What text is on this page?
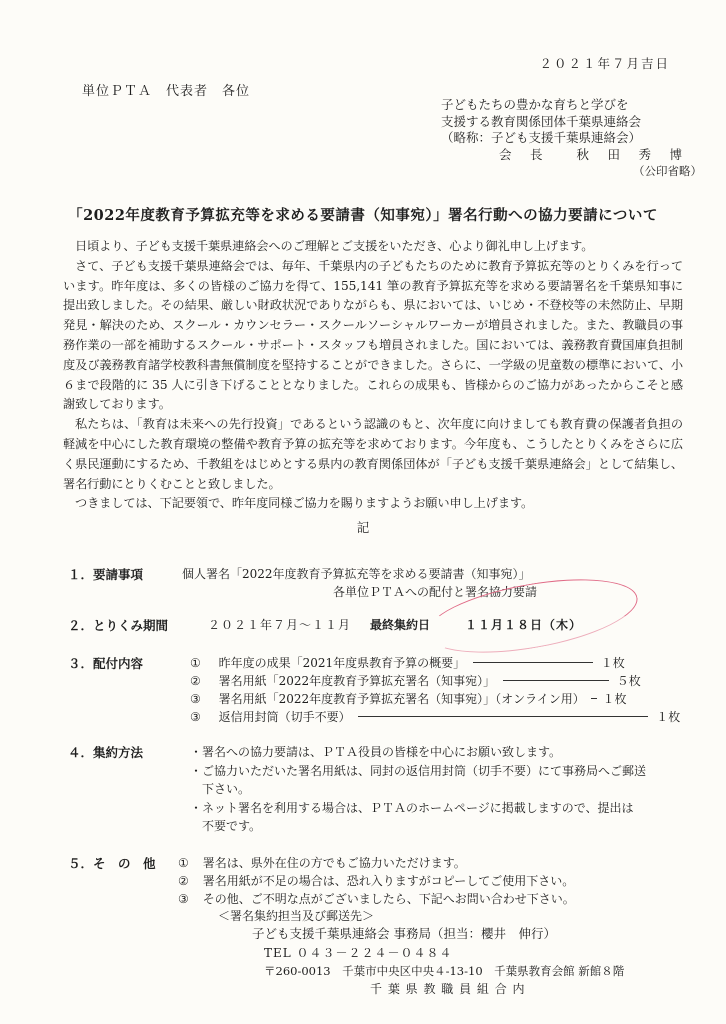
２０２１年７月吉日
単位ＰＴＡ　代表者　各位
子どもたちの豊かな育ちと学びを
支援する教育関係団体千葉県連絡会
（略称：子ども支援千葉県連絡会）
会　長　　秋　田　秀　博
（公印省略）
「2022年度教育予算拡充等を求める要請書（知事宛）」署名行動への協力要請について

日頃より、子ども支援千葉県連絡会へのご理解とご支援をいただき、心より御礼申し上げます。

さて、子ども支援千葉県連絡会では、毎年、千葉県内の子どもたちのために教育予算拡充等のとりくみを行っています。昨年度は、多くの皆様のご協力を得て、155,141 筆の教育予算拡充等を求める要請署名を千葉県知事に提出致しました。その結果、厳しい財政状況でありながらも、県においては、いじめ・不登校等の未然防止、早期発見・解決のため、スクール・カウンセラー・スクールソーシャルワーカーが増員されました。また、教職員の事務作業の一部を補助するスクール・サポート・スタッフも増員されました。国においては、義務教育費国庫負担制度及び義務教育諸学校教科書無償制度を堅持することができました。さらに、一学級の児童数の標準において、小６まで段階的に 35 人に引き下げることとなりました。これらの成果も、皆様からのご協力があったからこそと感謝致しております。

私たちは、「教育は未来への先行投資」であるという認識のもと、次年度に向けましても教育費の保護者負担の軽減を中心にした教育環境の整備や教育予算の拡充等を求めております。今年度も、こうしたとりくみをさらに広く県民運動にするため、千教組をはじめとする県内の教育関係団体が「子ども支援千葉県連絡会」として結集し、署名行動にとりくむことと致しました。

つきましては、下記要領で、昨年度同様ご協力を賜りますようお願い申し上げます。

記
１．要請事項	個人署名「2022年度教育予算拡充等を求める要請書（知事宛）」
各単位ＰＴＡへの配付と署名協力要請
２．とりくみ期間	２０２１年７月～１１月 最終集約日	１１月１８日（木）
３．配付内容	① 昨年度の成果「2021年度県教育予算の概要」	１枚
② 署名用紙「2022年度教育予算拡充署名（知事宛）」	５枚
③ 署名用紙「2022年度教育予算拡充署名（知事宛）」（オンライン用） １枚
③ 返信用封筒（切手不要）	１枚
４．集約方法	・署名への協力要請は、ＰＴＡ役員の皆様を中心にお願い致します。
・ご協力いただいた署名用紙は、同封の返信用封筒（切手不要）にて事務局へご郵送
　下さい。
・ネット署名を利用する場合は、ＰＴＡのホームページに掲載しますので、提出は
　不要です。
５．そ　の　他 ① 署名は、県外在住の方でもご協力いただけます。
② 署名用紙が不足の場合は、恐れ入りますがコピーしてご使用下さい。
③ その他、ご不明な点がございましたら、下記へお問い合わせ下さい。
＜署名集約担当及び郵送先＞
子ども支援千葉県連絡会 事務局（担当：櫻井　伸行）
TEL ０４３－２２４－０４８４
〒260-0013　千葉市中央区中央４-13-10　千葉県教育会館 新館８階
千 葉 県 教 職 員 組 合 内
